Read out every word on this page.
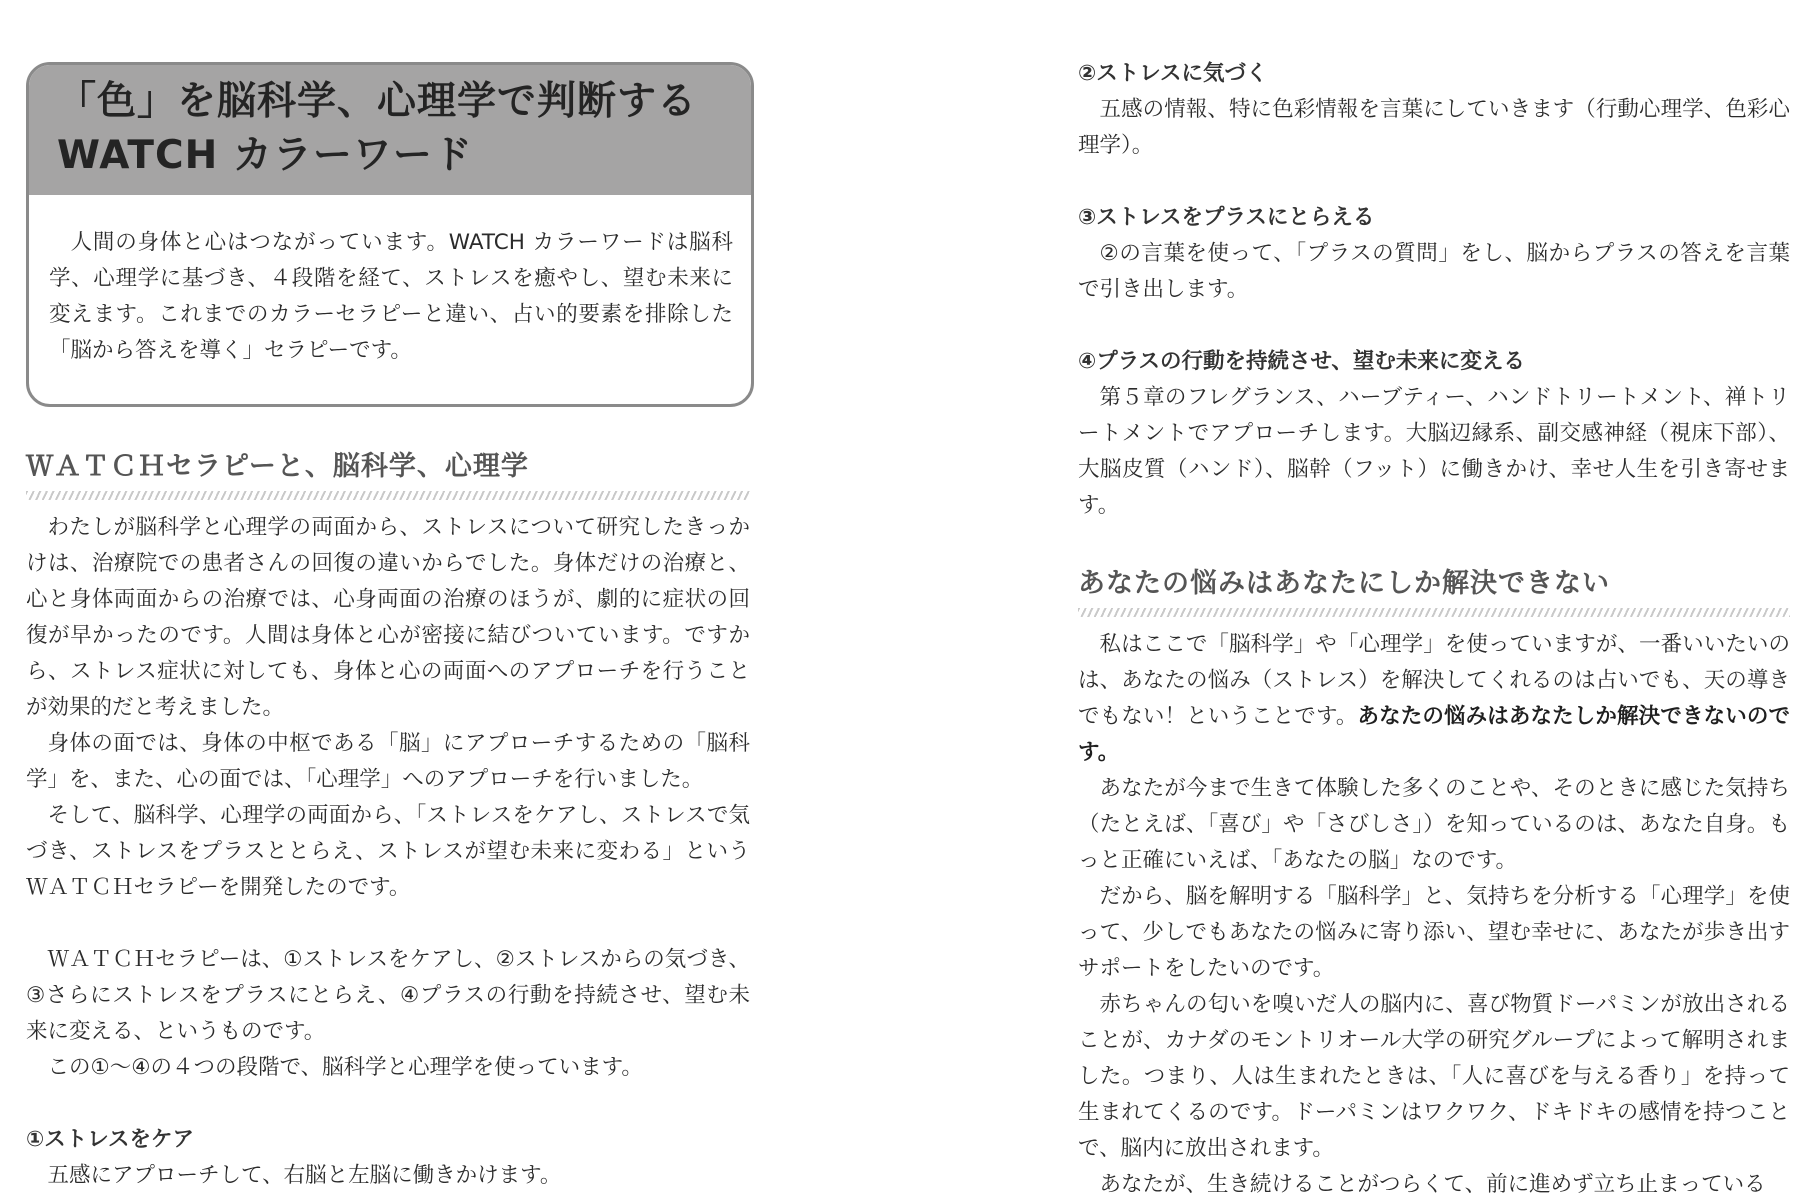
「色」を脳科学、心理学で判断する
WATCH カラーワード

人間の身体と心はつながっています。WATCH カラーワードは脳科学、心理学に基づき、４段階を経て、ストレスを癒やし、望む未来に変えます。これまでのカラーセラピーと違い、占い的要素を排除した「脳から答えを導く」セラピーです。

ＷＡＴＣＨセラピーと、脳科学、心理学

わたしが脳科学と心理学の両面から、ストレスについて研究したきっかけは、治療院での患者さんの回復の違いからでした。身体だけの治療と、心と身体両面からの治療では、心身両面の治療のほうが、劇的に症状の回復が早かったのです。人間は身体と心が密接に結びついています。ですから、ストレス症状に対しても、身体と心の両面へのアプローチを行うことが効果的だと考えました。

身体の面では、身体の中枢である「脳」にアプローチするための「脳科学」を、また、心の面では、「心理学」へのアプローチを行いました。

そして、脳科学、心理学の両面から、「ストレスをケアし、ストレスで気づき、ストレスをプラスととらえ、ストレスが望む未来に変わる」というＷＡＴＣＨセラピーを開発したのです。

ＷＡＴＣＨセラピーは、①ストレスをケアし、②ストレスからの気づき、③さらにストレスをプラスにとらえ、④プラスの行動を持続させ、望む未来に変える、というものです。

この①～④の４つの段階で、脳科学と心理学を使っています。

①ストレスをケア

五感にアプローチして、右脳と左脳に働きかけます。

②ストレスに気づく

五感の情報、特に色彩情報を言葉にしていきます（行動心理学、色彩心理学）。

③ストレスをプラスにとらえる

②の言葉を使って、「プラスの質問」をし、脳からプラスの答えを言葉で引き出します。

④プラスの行動を持続させ、望む未来に変える

第５章のフレグランス、ハーブティー、ハンドトリートメント、禅トリートメントでアプローチします。大脳辺縁系、副交感神経（視床下部）、大脳皮質（ハンド）、脳幹（フット）に働きかけ、幸せ人生を引き寄せます。

あなたの悩みはあなたにしか解決できない

私はここで「脳科学」や「心理学」を使っていますが、一番いいたいのは、あなたの悩み（ストレス）を解決してくれるのは占いでも、天の導きでもない！ということです。あなたの悩みはあなたしか解決できないのです。

あなたが今まで生きて体験した多くのことや、そのときに感じた気持ち（たとえば、「喜び」や「さびしさ」）を知っているのは、あなた自身。もっと正確にいえば、「あなたの脳」なのです。

だから、脳を解明する「脳科学」と、気持ちを分析する「心理学」を使って、少しでもあなたの悩みに寄り添い、望む幸せに、あなたが歩き出すサポートをしたいのです。

赤ちゃんの匂いを嗅いだ人の脳内に、喜び物質ドーパミンが放出されることが、カナダのモントリオール大学の研究グループによって解明されました。つまり、人は生まれたときは、「人に喜びを与える香り」を持って生まれてくるのです。ドーパミンはワクワク、ドキドキの感情を持つことで、脳内に放出されます。

あなたが、生き続けることがつらくて、前に進めず立ち止まっている
